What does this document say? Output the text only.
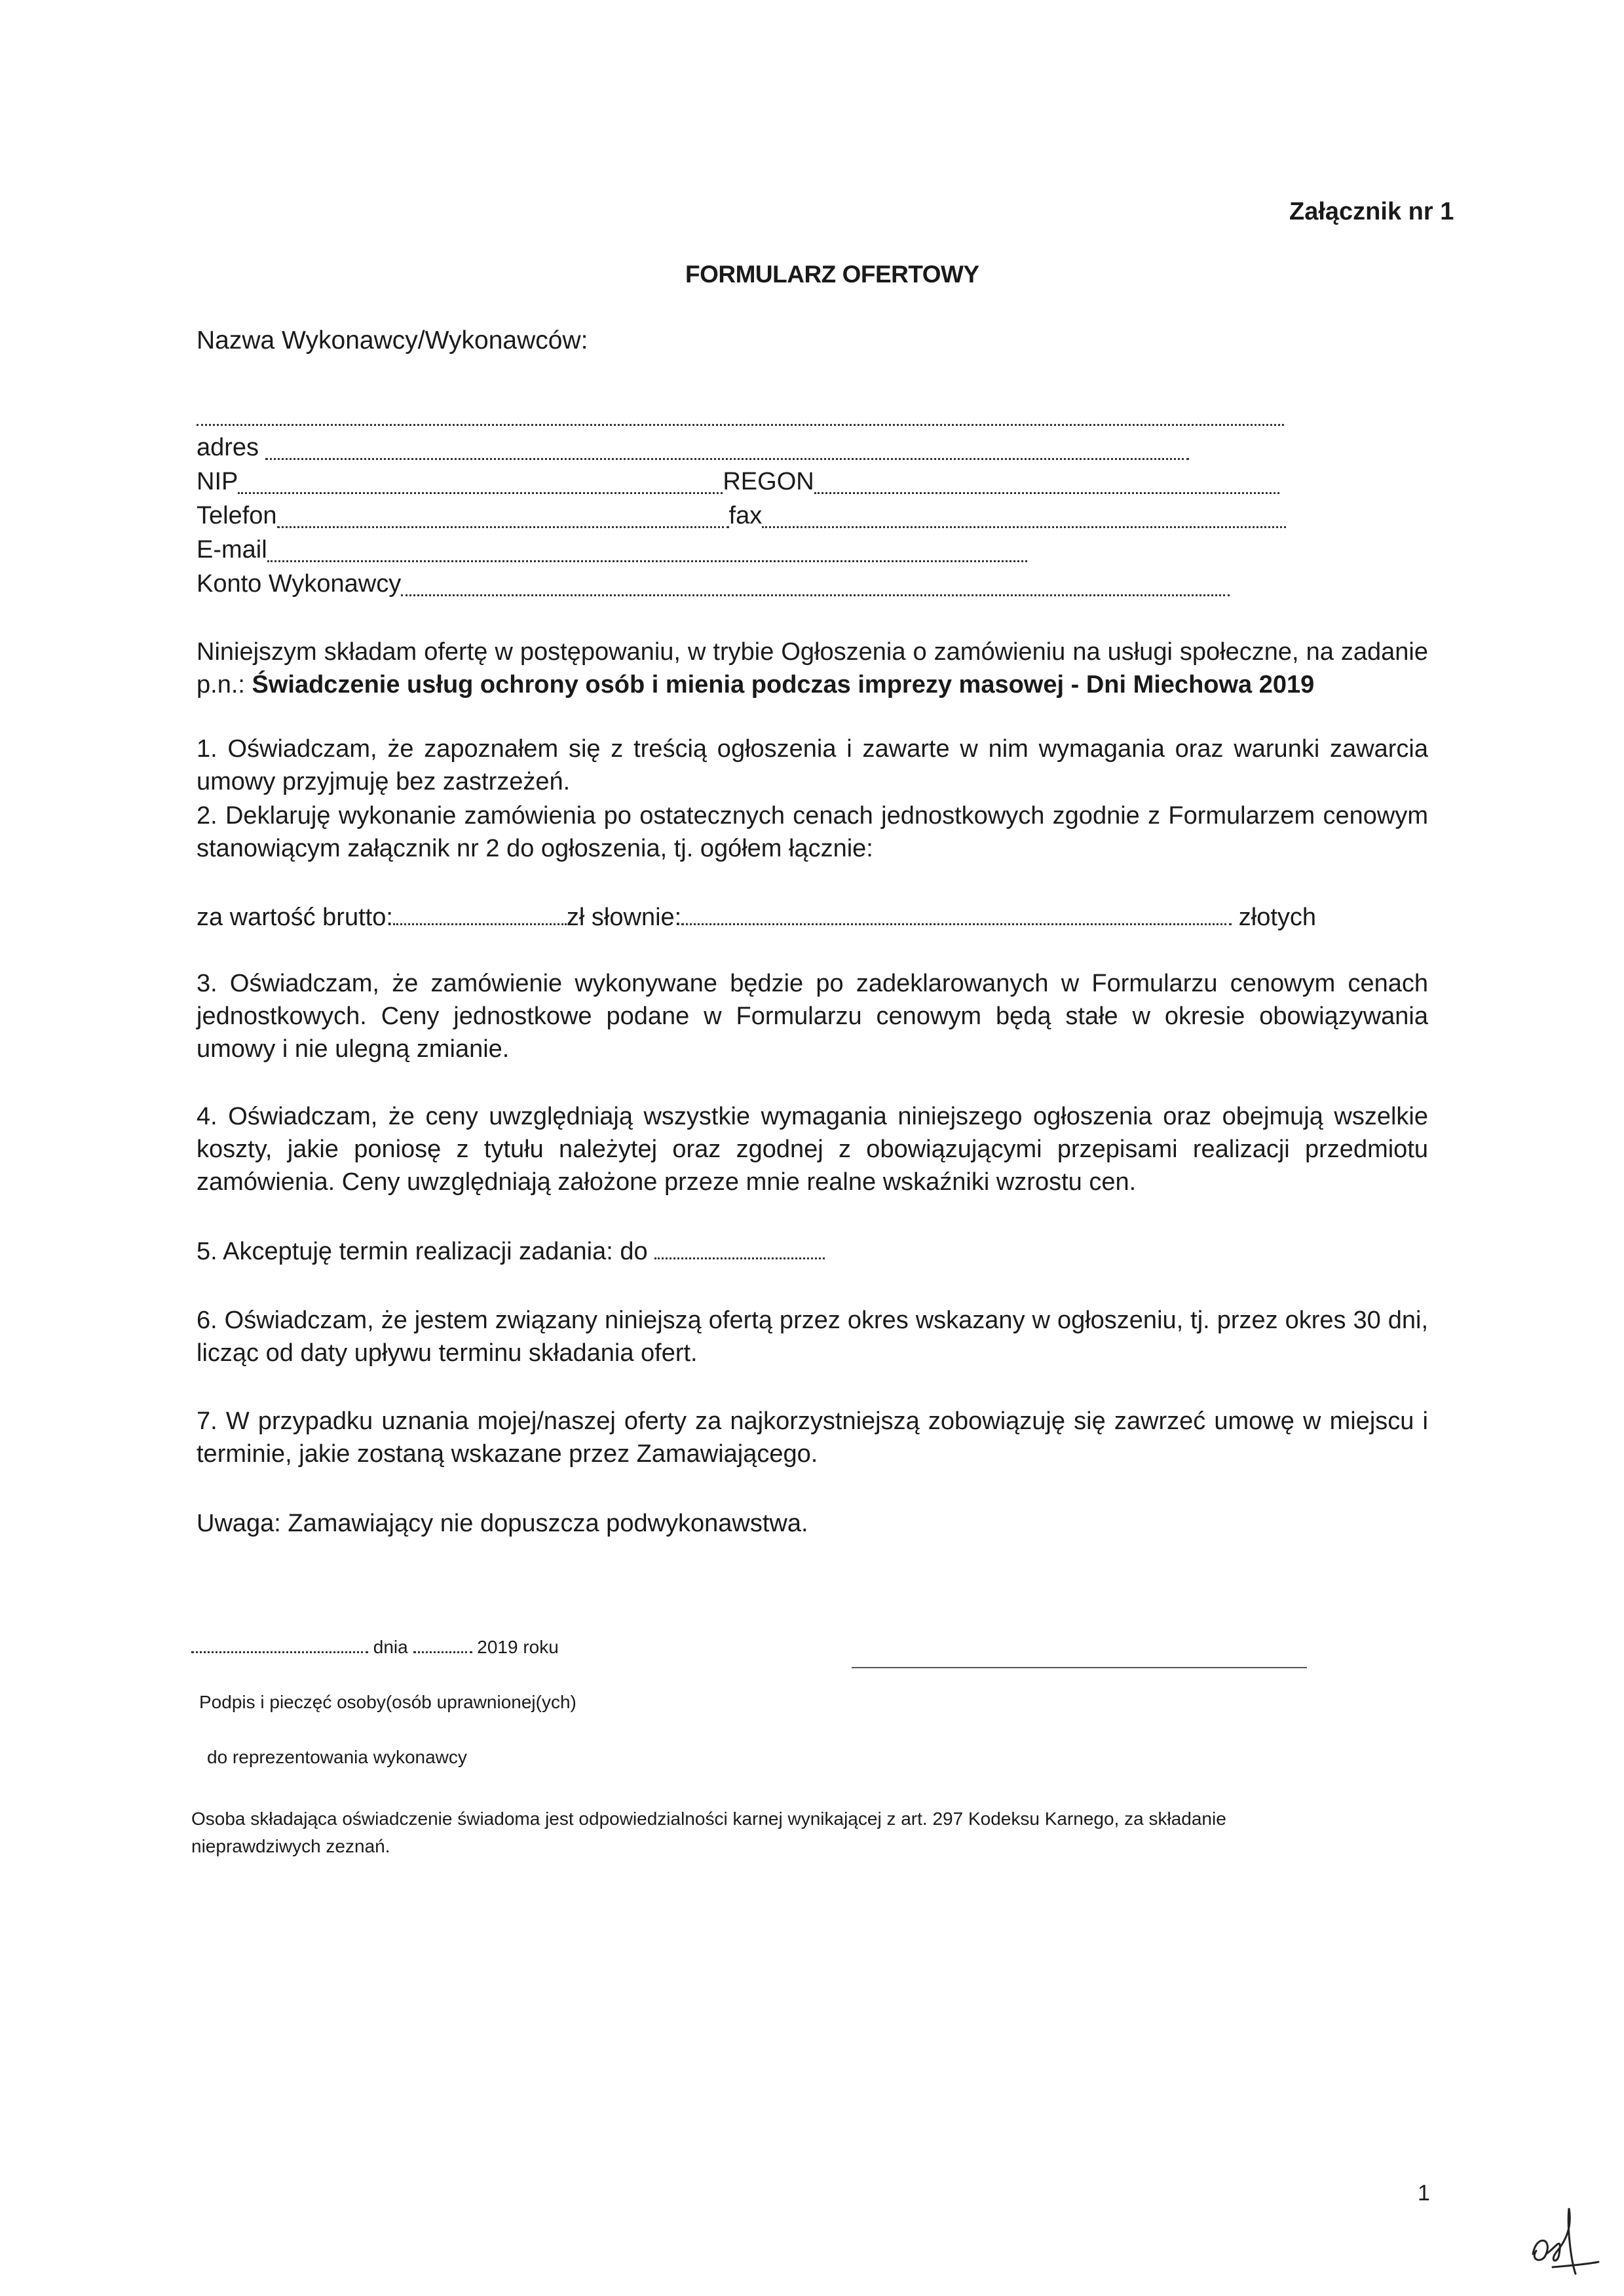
Załącznik nr 1
FORMULARZ OFERTOWY
Nazwa Wykonawcy/Wykonawców:
adres
NIP	REGON
Telefon	fax
E-mail
Konto Wykonawcy

Niniejszym składam ofertę w postępowaniu, w trybie Ogłoszenia o zamówieniu na usługi społeczne, na zadanie p.n.: Świadczenie usług ochrony osób i mienia podczas imprezy masowej - Dni Miechowa 2019

1. Oświadczam, że zapoznałem się z treścią ogłoszenia i zawarte w nim wymagania oraz warunki zawarcia umowy przyjmuję bez zastrzeżeń.

2. Deklaruję wykonanie zamówienia po ostatecznych cenach jednostkowych zgodnie z Formularzem cenowym stanowiącym załącznik nr 2 do ogłoszenia, tj. ogółem łącznie:

za wartość brutto:	zł słownie:	złotych

3. Oświadczam, że zamówienie wykonywane będzie po zadeklarowanych w Formularzu cenowym cenach jednostkowych. Ceny jednostkowe podane w Formularzu cenowym będą stałe w okresie obowiązywania umowy i nie ulegną zmianie.

4. Oświadczam, że ceny uwzględniają wszystkie wymagania niniejszego ogłoszenia oraz obejmują wszelkie koszty, jakie poniosę z tytułu należytej oraz zgodnej z obowiązującymi przepisami realizacji przedmiotu zamówienia. Ceny uwzględniają założone przeze mnie realne wskaźniki wzrostu cen.

5. Akceptuję termin realizacji zadania: do

6. Oświadczam, że jestem związany niniejszą ofertą przez okres wskazany w ogłoszeniu, tj. przez okres 30 dni, licząc od daty upływu terminu składania ofert.

7. W przypadku uznania mojej/naszej oferty za najkorzystniejszą zobowiązuję się zawrzeć umowę w miejscu i terminie, jakie zostaną wskazane przez Zamawiającego.

Uwaga: Zamawiający nie dopuszcza podwykonawstwa.
dnia	2019 roku
Podpis i pieczęć osoby(osób uprawnionej(ych)
do reprezentowania wykonawcy
Osoba składająca oświadczenie świadoma jest odpowiedzialności karnej wynikającej z art. 297 Kodeksu Karnego, za składanie nieprawdziwych zeznań.
1
